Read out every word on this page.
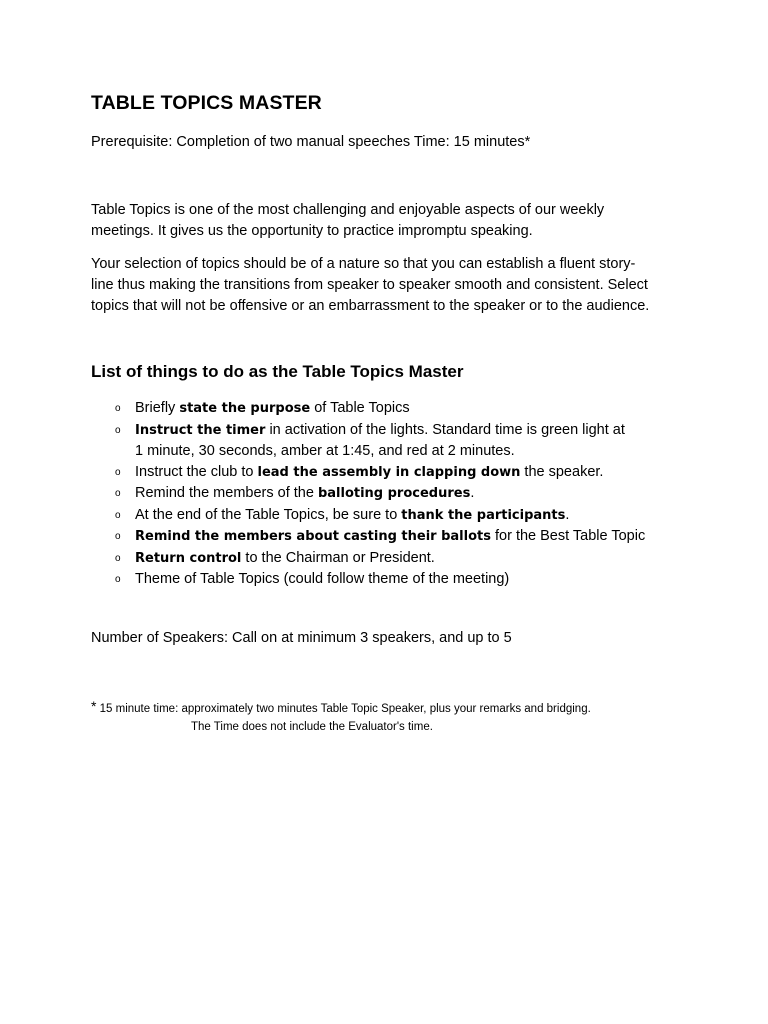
TABLE TOPICS MASTER

Prerequisite: Completion of two manual speeches Time: 15 minutes*

Table Topics is one of the most challenging and enjoyable aspects of our weekly
meetings. It gives us the opportunity to practice impromptu speaking.

Your selection of topics should be of a nature so that you can establish a fluent story-
line thus making the transitions from speaker to speaker smooth and consistent. Select
topics that will not be offensive or an embarrassment to the speaker or to the audience.

List of things to do as the Table Topics Master
o Briefly state the purpose of Table Topics
o Instruct the timer in activation of the lights. Standard time is green light at
1 minute, 30 seconds, amber at 1:45, and red at 2 minutes.
o Instruct the club to lead the assembly in clapping down the speaker.
o Remind the members of the balloting procedures.
o At the end of the Table Topics, be sure to thank the participants.
o Remind the members about casting their ballots for the Best Table Topic
o Return control to the Chairman or President.
o Theme of Table Topics (could follow theme of the meeting)

Number of Speakers: Call on at minimum 3 speakers, and up to 5

* 15 minute time: approximately two minutes Table Topic Speaker, plus your remarks and bridging.
The Time does not include the Evaluator's time.
